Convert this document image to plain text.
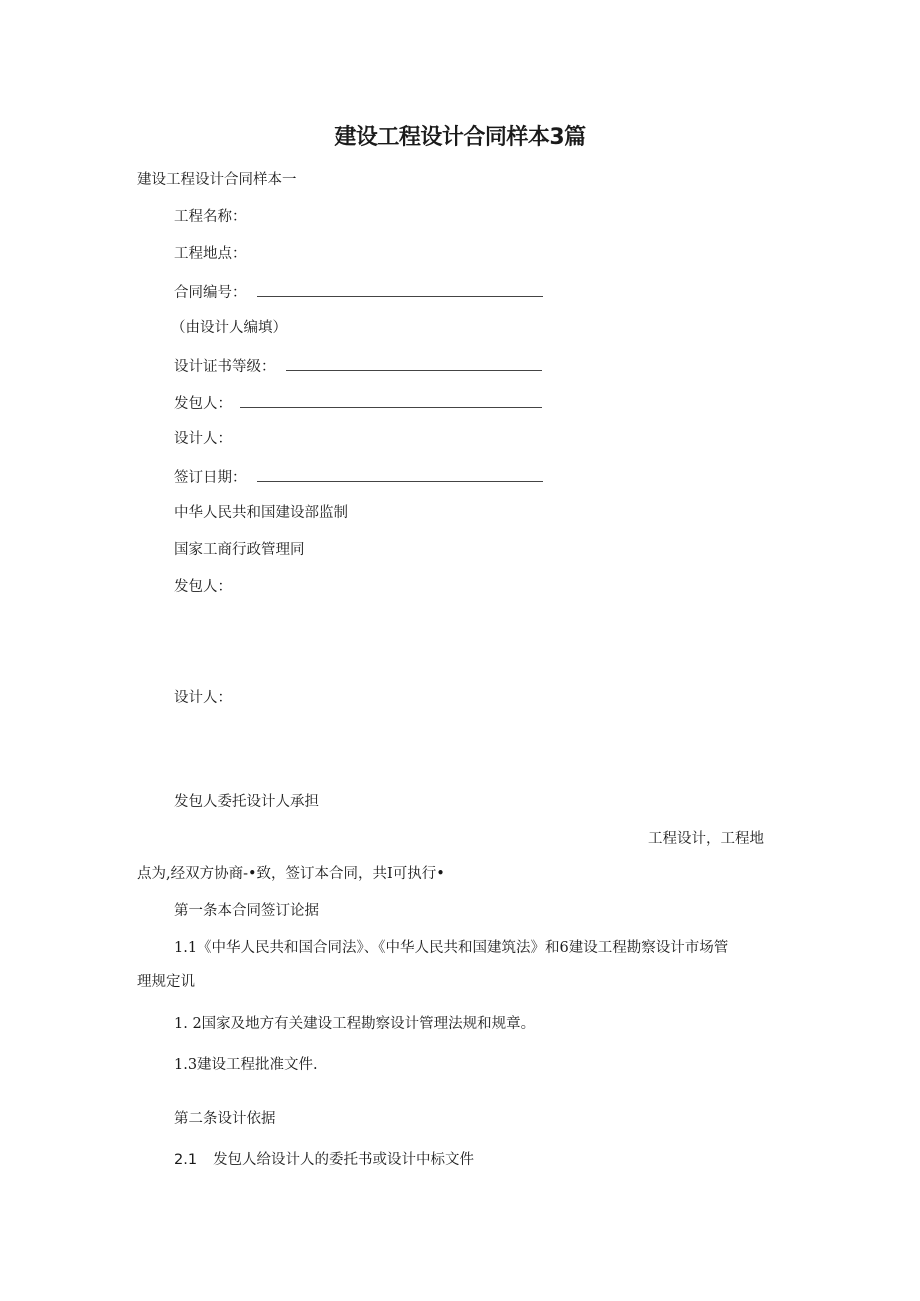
建设工程设计合同样本3篇
建设工程设计合同样本一
工程名称：
工程地点：
合同编号：
（由设计人编填）
设计证书等级：
发包人：
设计人：
签订日期：
中华人民共和国建设部监制
国家工商行政管理同
发包人：
设计人：
发包人委托设计人承担
工程设计，工程地
点为,经双方协商-•致，签订本合同，共I可执行•
第一条本合同签订论据
1.1《中华人民共和国合同法》、《中华人民共和国建筑法》和6建设工程勘察设计市场管
理规定讥
1. 2国家及地方有关建设工程勘察设计管理法规和规章。
1.3建设工程批准文件.
第二条设计依据
2.1 发包人给设计人的委托书或设计中标文件
